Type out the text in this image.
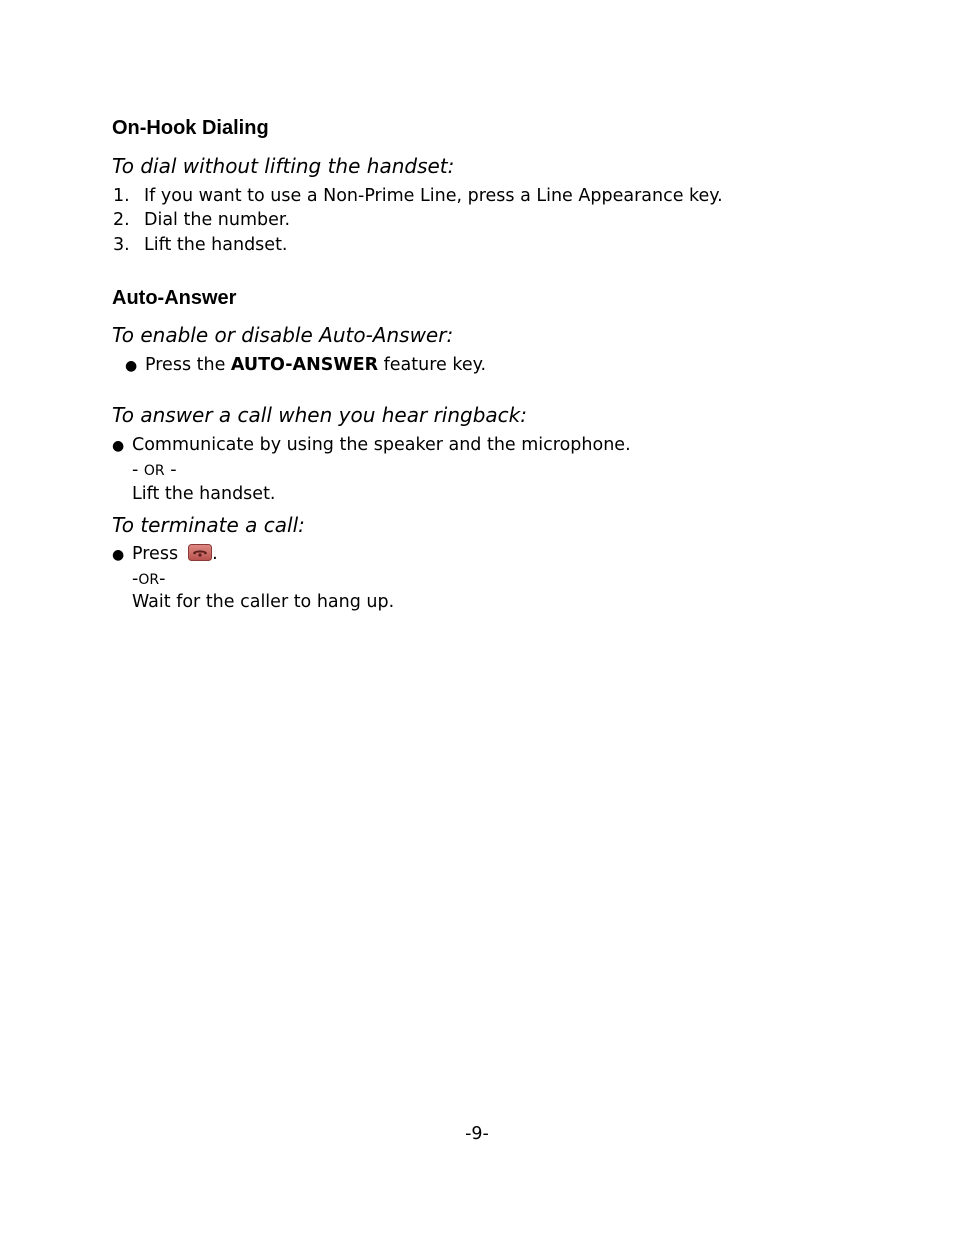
On-Hook Dialing

To dial without lifting the handset:

1. If you want to use a Non-Prime Line, press a Line Appearance key.
2. Dial the number.
3. Lift the handset.
Auto-Answer

To enable or disable Auto-Answer:

● Press the AUTO-ANSWER feature key.

To answer a call when you hear ringback:

● Communicate by using the speaker and the microphone.
- OR -
Lift the handset.

To terminate a call:

● Press .
-OR-
Wait for the caller to hang up.
-9-
